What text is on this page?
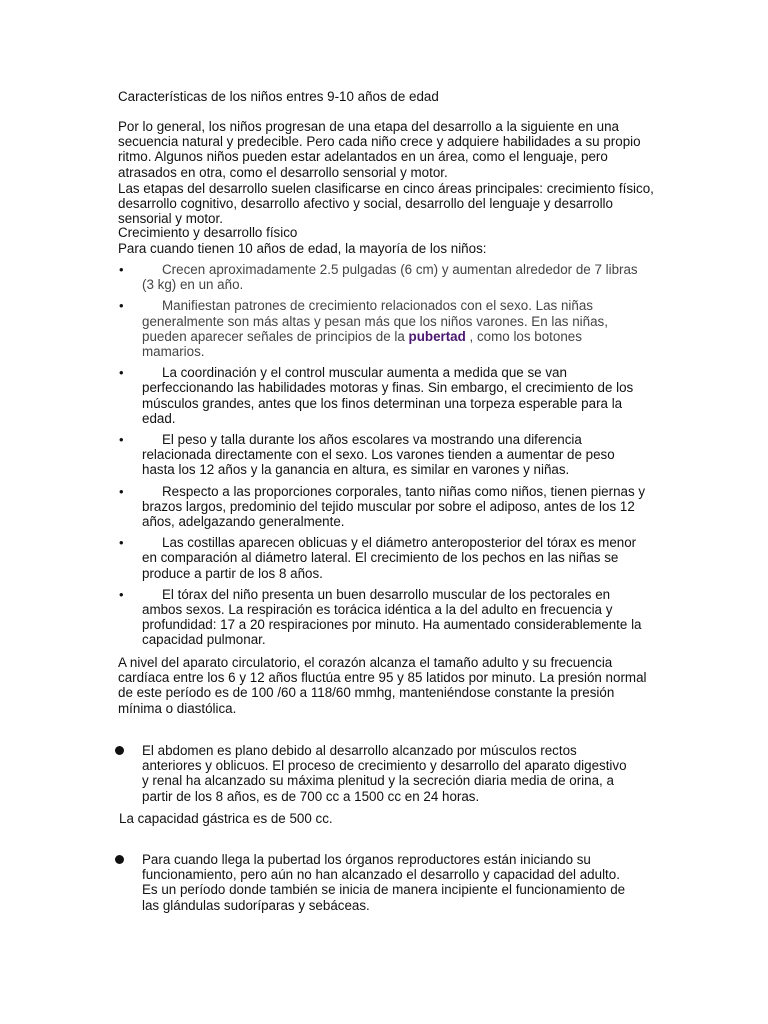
Características de los niños entres 9-10 años de edad

Por lo general, los niños progresan de una etapa del desarrollo a la siguiente en una secuencia natural y predecible. Pero cada niño crece y adquiere habilidades a su propio ritmo. Algunos niños pueden estar adelantados en un área, como el lenguaje, pero atrasados en otra, como el desarrollo sensorial y motor.

Las etapas del desarrollo suelen clasificarse en cinco áreas principales: crecimiento físico, desarrollo cognitivo, desarrollo afectivo y social, desarrollo del lenguaje y desarrollo sensorial y motor.

Crecimiento y desarrollo físico

Para cuando tienen 10 años de edad, la mayoría de los niños:

•	Crecen aproximadamente 2.5 pulgadas (6 cm) y aumentan alrededor de 7 libras (3 kg) en un año.
•	Manifiestan patrones de crecimiento relacionados con el sexo. Las niñas generalmente son más altas y pesan más que los niños varones. En las niñas, pueden aparecer señales de principios de la pubertad , como los botones mamarios.
•	La coordinación y el control muscular aumenta a medida que se van perfeccionando las habilidades motoras y finas. Sin embargo, el crecimiento de los músculos grandes, antes que los finos determinan una torpeza esperable para la edad.
•	El peso y talla durante los años escolares va mostrando una diferencia relacionada directamente con el sexo. Los varones tienden a aumentar de peso hasta los 12 años y la ganancia en altura, es similar en varones y niñas.
•	Respecto a las proporciones corporales, tanto niñas como niños, tienen piernas y brazos largos, predominio del tejido muscular por sobre el adiposo, antes de los 12 años, adelgazando generalmente.
•	Las costillas aparecen oblicuas y el diámetro anteroposterior del tórax es menor en comparación al diámetro lateral. El crecimiento de los pechos en las niñas se produce a partir de los 8 años.
•	El tórax del niño presenta un buen desarrollo muscular de los pectorales en ambos sexos. La respiración es torácica idéntica a la del adulto en frecuencia y profundidad: 17 a 20 respiraciones por minuto. Ha aumentado considerablemente la capacidad pulmonar.

A nivel del aparato circulatorio, el corazón alcanza el tamaño adulto y su frecuencia cardíaca entre los 6 y 12 años fluctúa entre 95 y 85 latidos por minuto. La presión normal de este período es de 100 /60 a 118/60 mmhg, manteniéndose constante la presión mínima o diastólica.

El abdomen es plano debido al desarrollo alcanzado por músculos rectos anteriores y oblicuos. El proceso de crecimiento y desarrollo del aparato digestivo y renal ha alcanzado su máxima plenitud y la secreción diaria media de orina, a partir de los 8 años, es de 700 cc a 1500 cc en 24 horas.

La capacidad gástrica es de 500 cc.

Para cuando llega la pubertad los órganos reproductores están iniciando su funcionamiento, pero aún no han alcanzado el desarrollo y capacidad del adulto. Es un período donde también se inicia de manera incipiente el funcionamiento de las glándulas sudoríparas y sebáceas.
